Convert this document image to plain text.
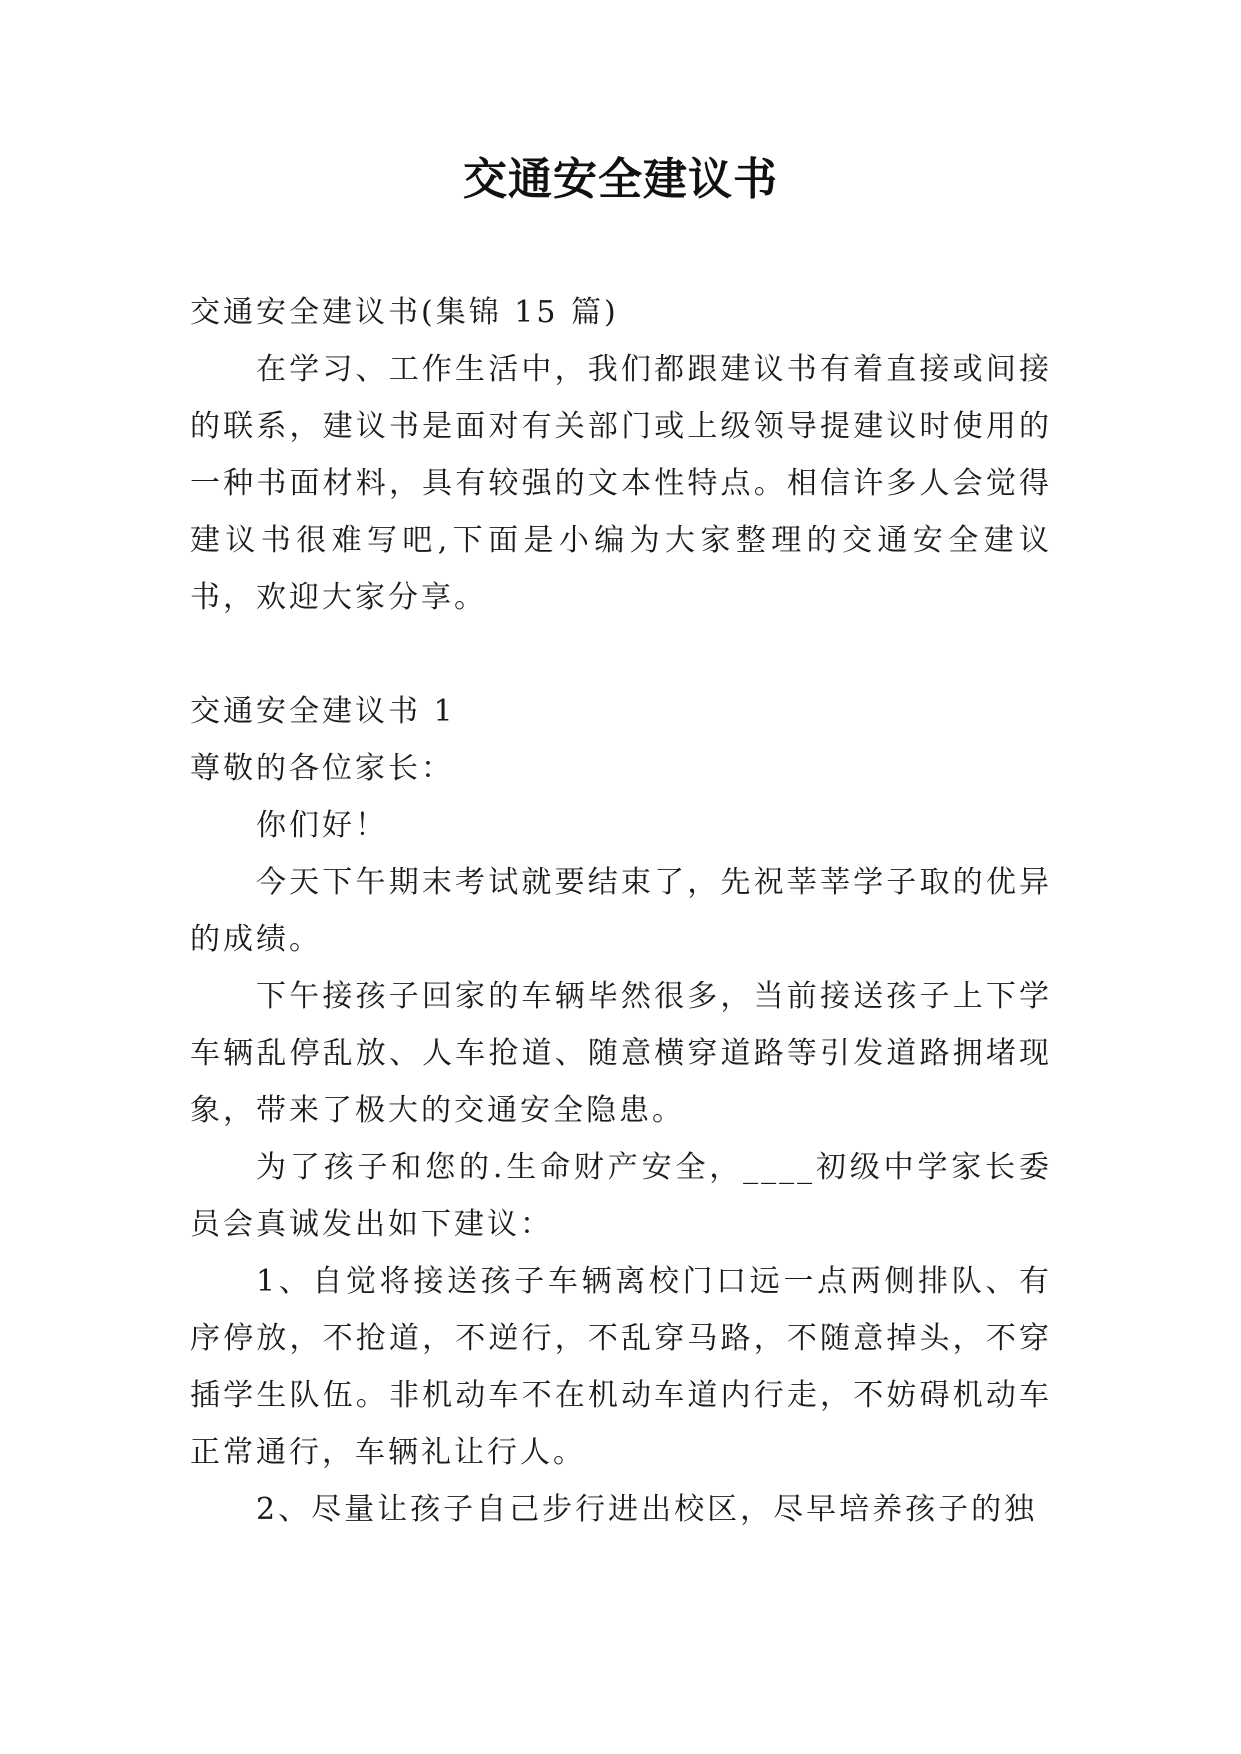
交通安全建议书

交通安全建议书(集锦 15 篇)

在学习、工作生活中，我们都跟建议书有着直接或间接的联系，建议书是面对有关部门或上级领导提建议时使用的一种书面材料，具有较强的文本性特点。相信许多人会觉得建议书很难写吧,下面是小编为大家整理的交通安全建议书，欢迎大家分享。

交通安全建议书 1

尊敬的各位家长：

你们好！

今天下午期末考试就要结束了，先祝莘莘学子取的优异的成绩。

下午接孩子回家的车辆毕然很多，当前接送孩子上下学车辆乱停乱放、人车抢道、随意横穿道路等引发道路拥堵现象，带来了极大的交通安全隐患。

为了孩子和您的.生命财产安全，____初级中学家长委员会真诚发出如下建议：

1、自觉将接送孩子车辆离校门口远一点两侧排队、有序停放，不抢道，不逆行，不乱穿马路，不随意掉头，不穿插学生队伍。非机动车不在机动车道内行走，不妨碍机动车正常通行，车辆礼让行人。

2、尽量让孩子自己步行进出校区，尽早培养孩子的独
